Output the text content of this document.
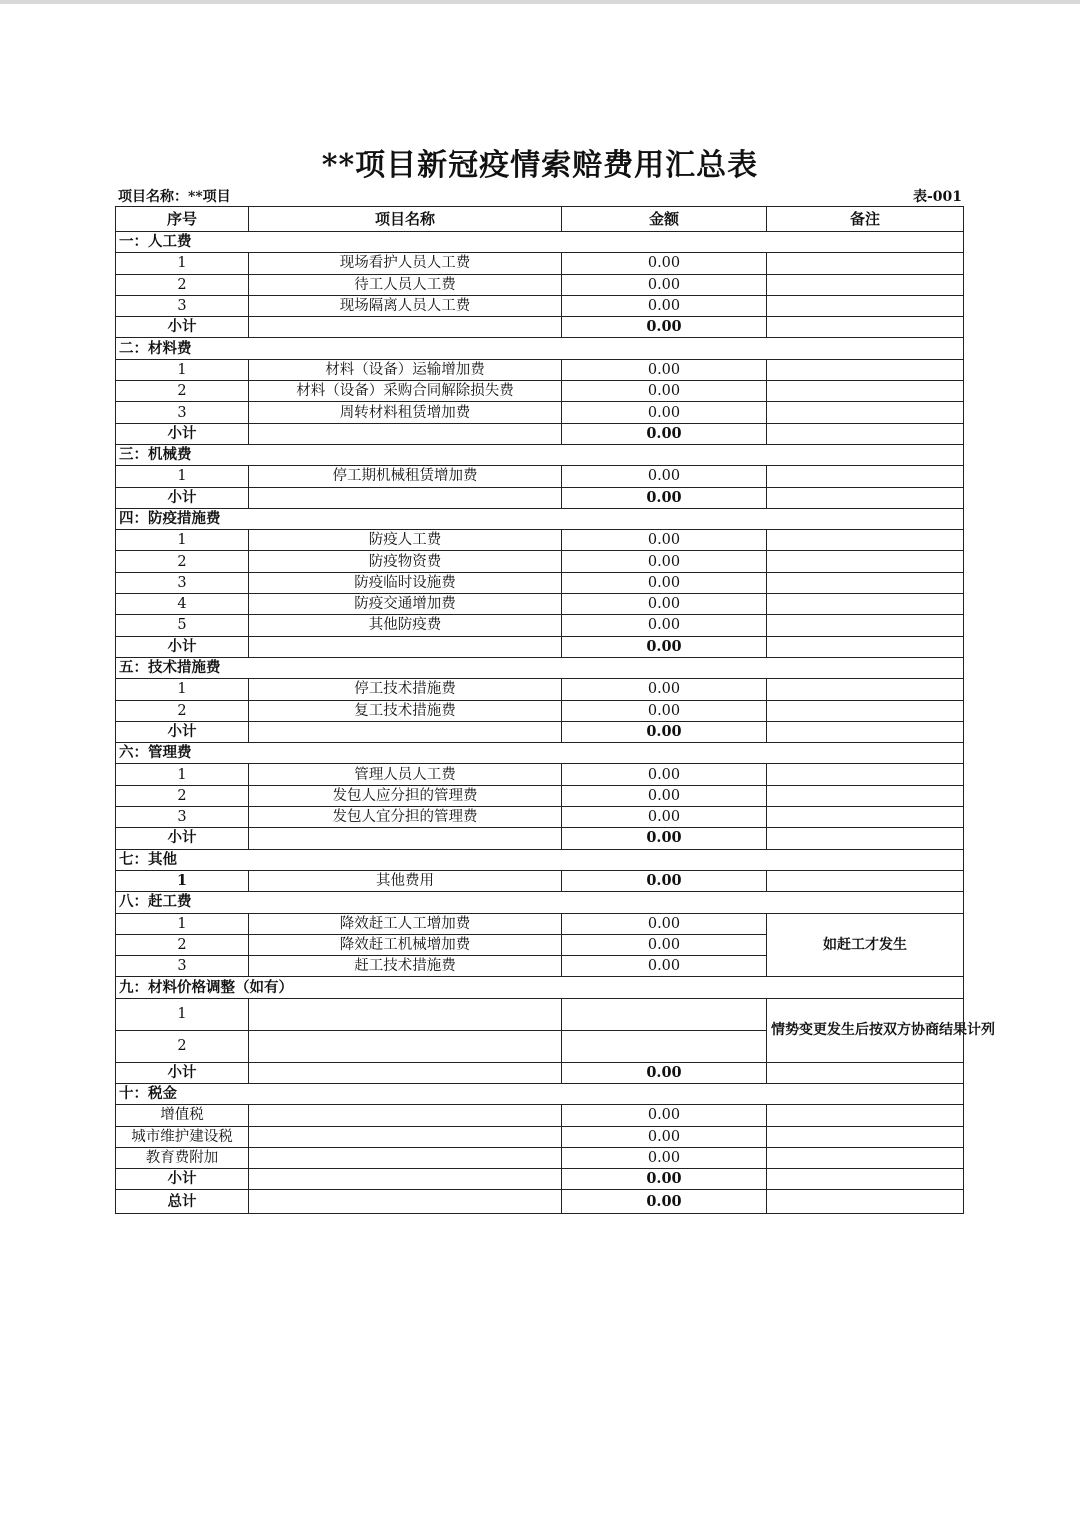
**项目新冠疫情索赔费用汇总表
项目名称：**项目	表-001
序号	项目名称	金额	备注
一：人工费			
1	现场看护人员人工费	0.00	
2	待工人员人工费	0.00	
3	现场隔离人员人工费	0.00	
小计		0.00	
二：材料费			
1	材料（设备）运输增加费	0.00	
2	材料（设备）采购合同解除损失费	0.00	
3	周转材料租赁增加费	0.00	
小计		0.00	
三：机械费			
1	停工期机械租赁增加费	0.00	
小计		0.00	
四：防疫措施费			
1	防疫人工费	0.00	
2	防疫物资费	0.00	
3	防疫临时设施费	0.00	
4	防疫交通增加费	0.00	
5	其他防疫费	0.00	
小计		0.00	
五：技术措施费			
1	停工技术措施费	0.00	
2	复工技术措施费	0.00	
小计		0.00	
六：管理费			
1	管理人员人工费	0.00	
2	发包人应分担的管理费	0.00	
3	发包人宜分担的管理费	0.00	
小计		0.00	
七：其他			
1	其他费用	0.00	
八：赶工费			
1	降效赶工人工增加费	0.00	如赶工才发生
2	降效赶工机械增加费	0.00	
3	赶工技术措施费	0.00	
九：材料价格调整（如有）			
1			情势变更发生后按双方协商结果计列
2			
小计		0.00	
十：税金			
增值税		0.00	
城市维护建设税		0.00	
教育费附加		0.00	
小计		0.00	
总计		0.00	
